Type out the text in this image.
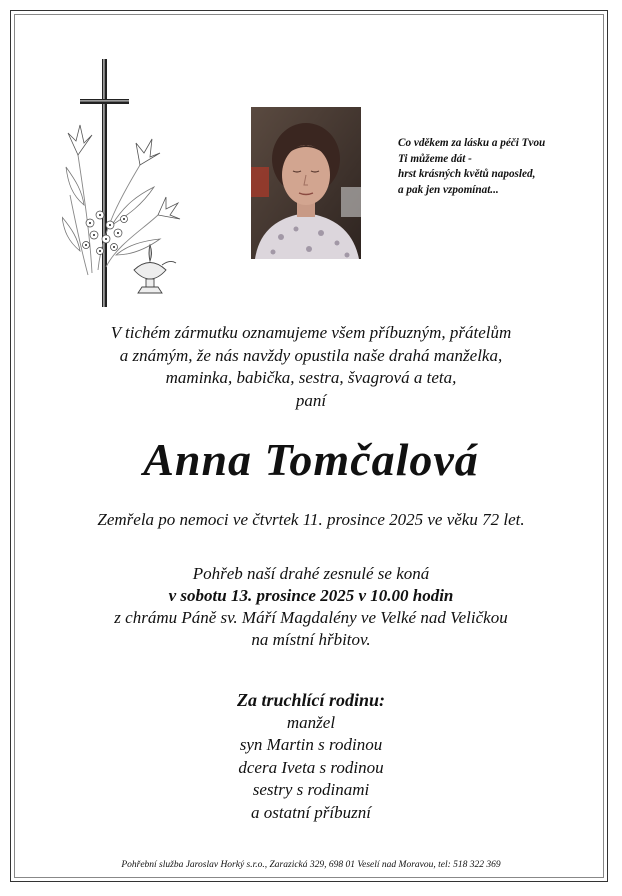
Co vděkem za lásku a péči Tvou
Ti můžeme dát -
hrst krásných květů naposled,
a pak jen vzpomínat...
V tichém zármutku oznamujeme všem příbuzným, přátelům
a známým, že nás navždy opustila naše drahá manželka,
maminka, babička, sestra, švagrová a teta,
paní
Anna Tomčalová
Zemřela po nemoci ve čtvrtek 11. prosince 2025 ve věku 72 let.
Pohřeb naší drahé zesnulé se koná
v sobotu 13. prosince 2025 v 10.00 hodin
z chrámu Páně sv. Máří Magdalény ve Velké nad Veličkou
na místní hřbitov.
Za truchlící rodinu:
manžel
syn Martin s rodinou
dcera Iveta s rodinou
sestry s rodinami
a ostatní příbuzní
Pohřební služba Jaroslav Horký s.r.o., Zarazická 329, 698 01 Veselí nad Moravou, tel: 518 322 369
